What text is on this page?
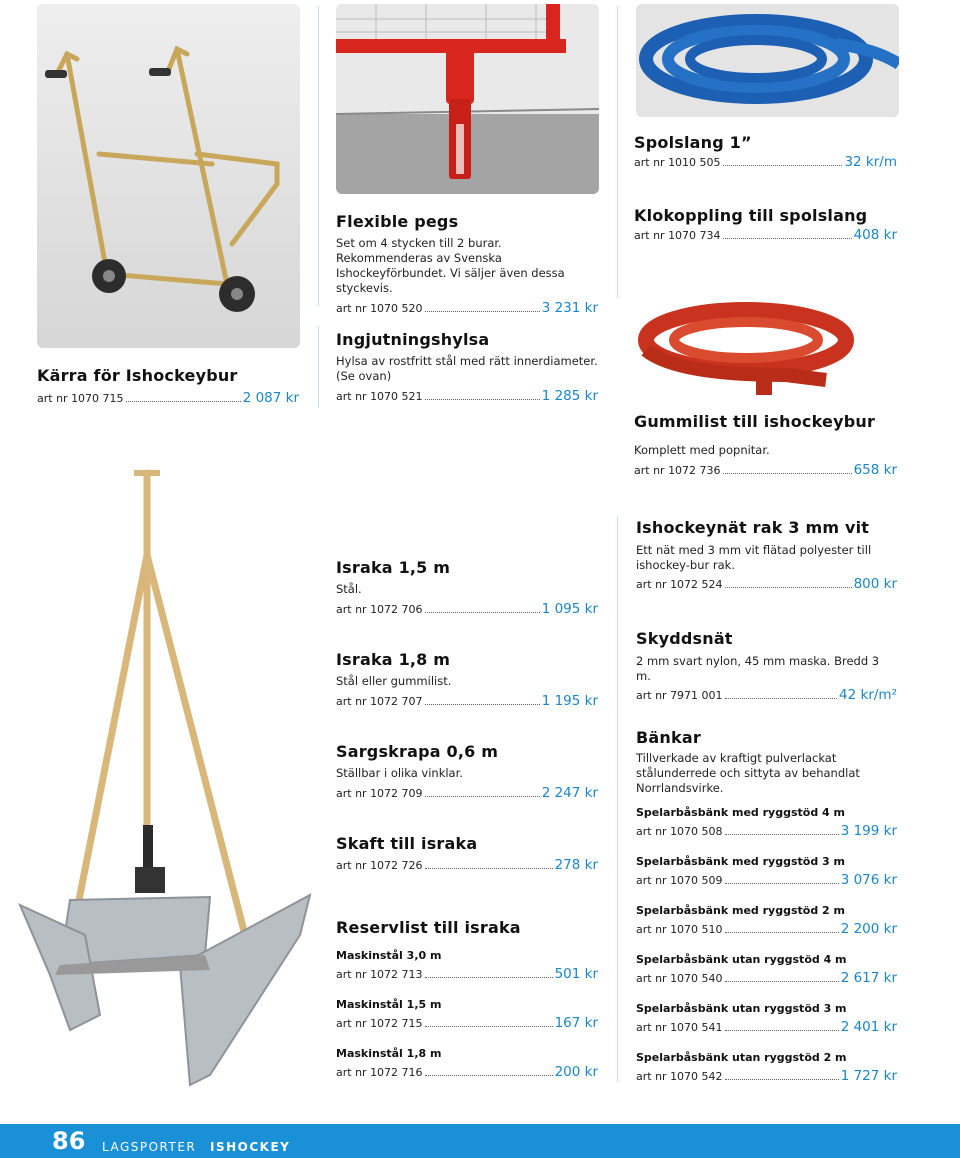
Kärra för Ishockeybur
art nr 1070 715	2 087 kr
Flexible pegs
Set om 4 stycken till 2 burar. Rekommenderas av Svenska Ishockeyförbundet. Vi säljer även dessa styckevis.
art nr 1070 520	3 231 kr
Ingjutningshylsa
Hylsa av rostfritt stål med rätt innerdiameter.
(Se ovan)
art nr 1070 521	1 285 kr
Spolslang 1”
art nr 1010 505	32 kr/m
Klokoppling till spolslang
art nr 1070 734	408 kr
Gummilist till ishockeybur
Komplett med popnitar.
art nr 1072 736	658 kr
Israka 1,5 m
Stål.
art nr 1072 706	1 095 kr
Israka 1,8 m
Stål eller gummilist.
art nr 1072 707	1 195 kr
Sargskrapa 0,6 m
Ställbar i olika vinklar.
art nr 1072 709	2 247 kr
Skaft till israka
art nr 1072 726	278 kr
Reservlist till israka
Maskinstål 3,0 m
art nr 1072 713	501 kr
Maskinstål 1,5 m
art nr 1072 715	167 kr
Maskinstål 1,8 m
art nr 1072 716	200 kr
Ishockeynät rak 3 mm vit
Ett nät med 3 mm vit flätad polyester till ishockey-bur rak.
art nr 1072 524	800 kr
Skyddsnät
2 mm svart nylon, 45 mm maska. Bredd 3 m.
art nr 7971 001	42 kr/m²
Bänkar
Tillverkade av kraftigt pulverlackat stålunderrede och sittyta av behandlat Norrlandsvirke.
Spelarbåsbänk med ryggstöd 4 m
art nr 1070 508	3 199 kr
Spelarbåsbänk med ryggstöd 3 m
art nr 1070 509	3 076 kr
Spelarbåsbänk med ryggstöd 2 m
art nr 1070 510	2 200 kr
Spelarbåsbänk utan ryggstöd 4 m
art nr 1070 540	2 617 kr
Spelarbåsbänk utan ryggstöd 3 m
art nr 1070 541	2 401 kr
Spelarbåsbänk utan ryggstöd 2 m
art nr 1070 542	1 727 kr
86 LAGSPORTER ISHOCKEY
